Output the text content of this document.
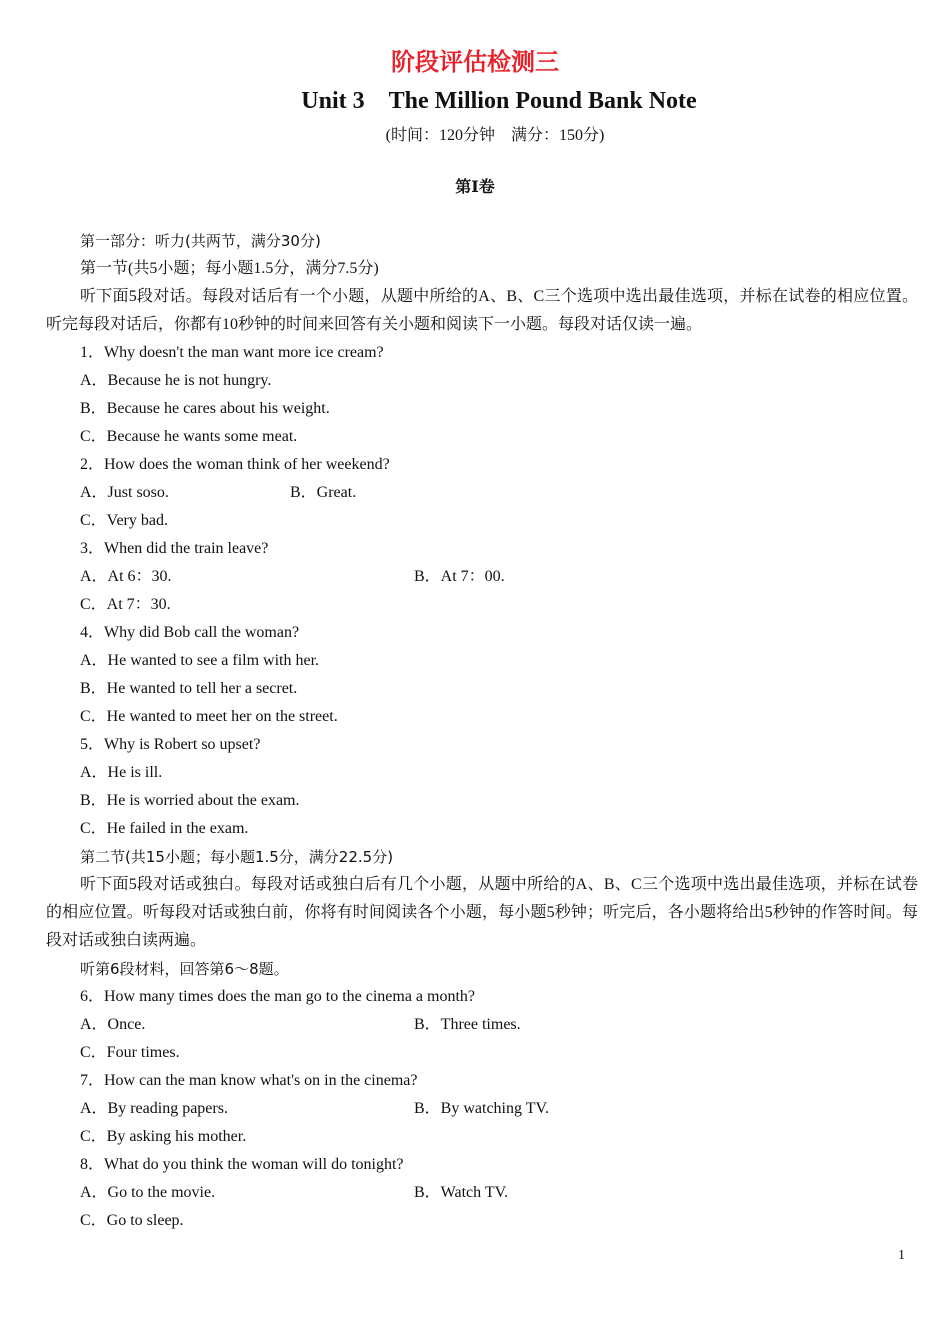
阶段评估检测三
Unit 3　The Million Pound Bank Note
(时间：120分钟　满分：150分)
第Ⅰ卷
第一部分：听力(共两节，满分30分)
第一节(共5小题；每小题1.5分，满分7.5分)

听下面5段对话。每段对话后有一个小题，从题中所给的A、B、C三个选项中选出最佳选项，并标在试卷的相应位置。听完每段对话后，你都有10秒钟的时间来回答有关小题和阅读下一小题。每段对话仅读一遍。

1．Why doesn't the man want more ice cream?
A．Because he is not hungry.
B．Because he cares about his weight.
C．Because he wants some meat.
2．How does the woman think of her weekend?
A．Just soso.	B．Great.
C．Very bad.
3．When did the train leave?
A．At 6：30.	B．At 7：00.
C．At 7：30.
4．Why did Bob call the woman?
A．He wanted to see a film with her.
B．He wanted to tell her a secret.
C．He wanted to meet her on the street.
5．Why is Robert so upset?
A．He is ill.
B．He is worried about the exam.
C．He failed in the exam.
第二节(共15小题；每小题1.5分，满分22.5分)

听下面5段对话或独白。每段对话或独白后有几个小题，从题中所给的A、B、C三个选项中选出最佳选项，并标在试卷的相应位置。听每段对话或独白前，你将有时间阅读各个小题，每小题5秒钟；听完后，各小题将给出5秒钟的作答时间。每段对话或独白读两遍。

听第6段材料，回答第6～8题。
6．How many times does the man go to the cinema a month?
A．Once.	B．Three times.
C．Four times.
7．How can the man know what's on in the cinema?
A．By reading papers.	B．By watching TV.
C．By asking his mother.
8．What do you think the woman will do tonight?
A．Go to the movie.	B．Watch TV.
C．Go to sleep.
1
